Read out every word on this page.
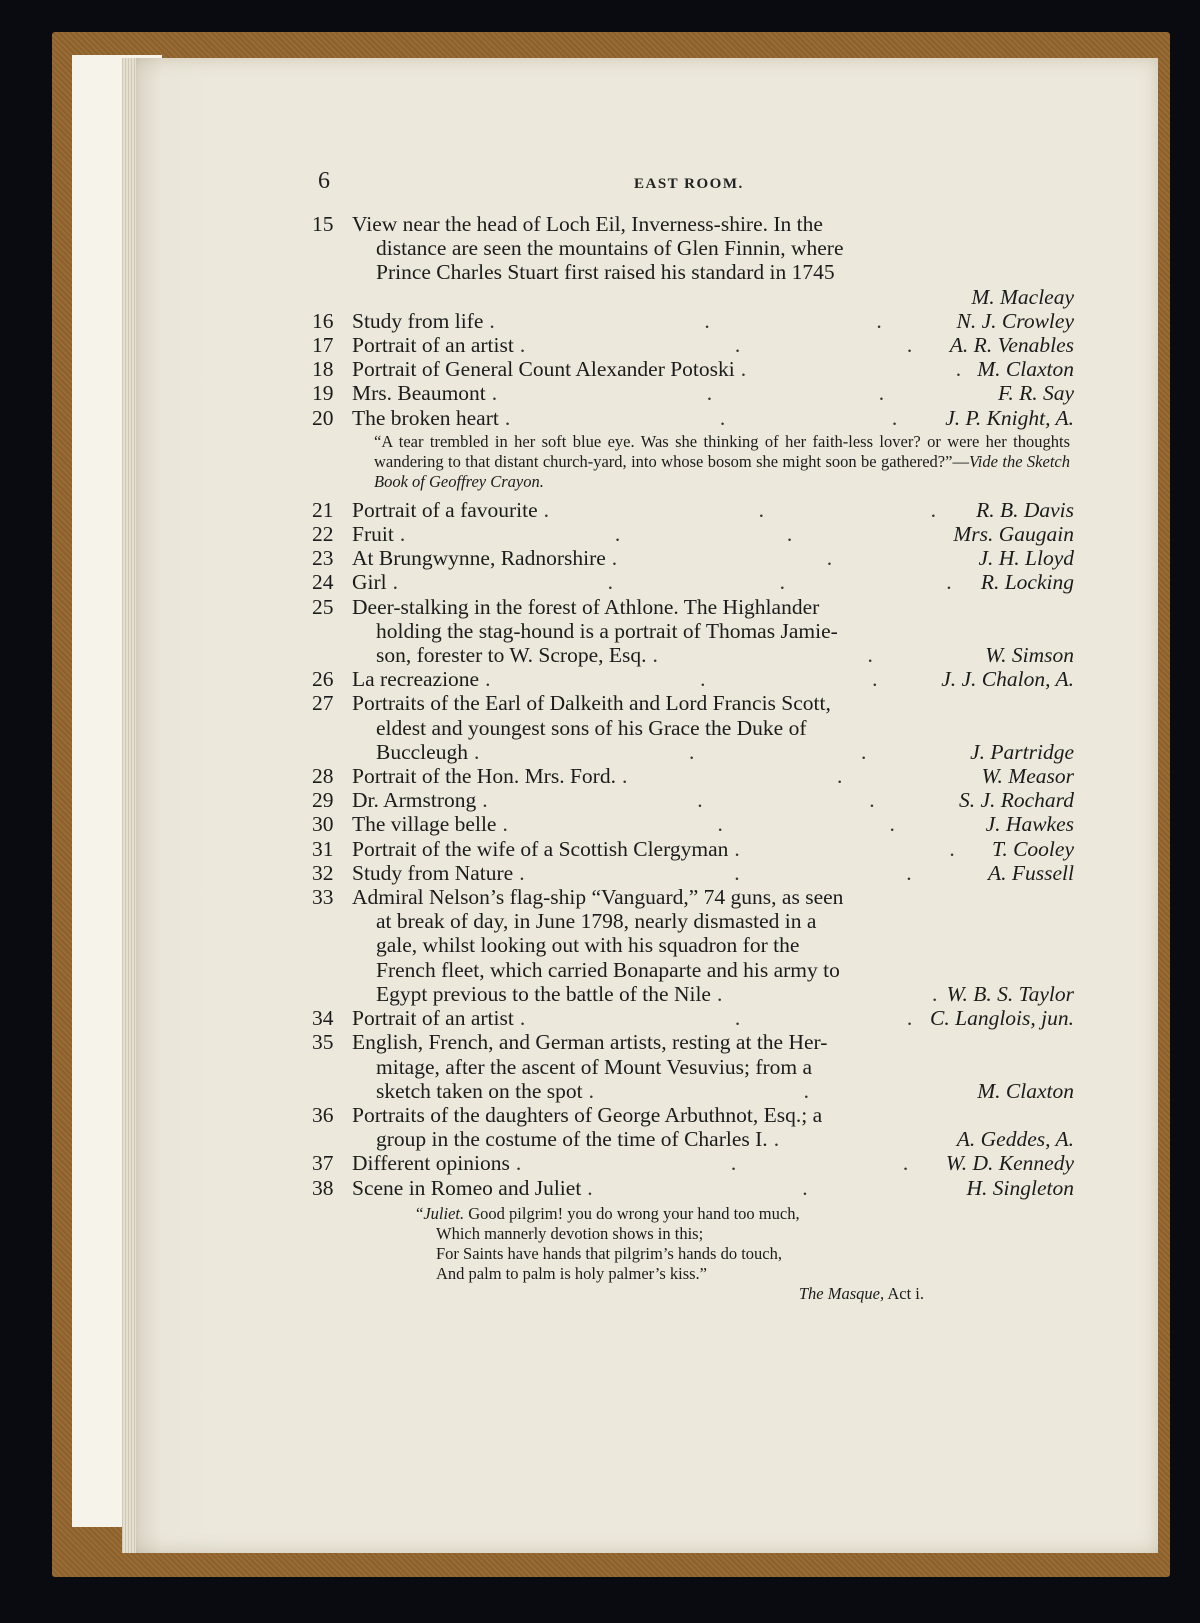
6	EAST ROOM.
15 View near the head of Loch Eil, Inverness-shire. In the
distance are seen the mountains of Glen Finnin, where
Prince Charles Stuart first raised his standard in 1745
M. Macleay
16 Study from life .	N. J. Crowley
17 Portrait of an artist .	A. R. Venables
18 Portrait of General Count Alexander Potoski .	M. Claxton
19 Mrs. Beaumont .	F. R. Say
20 The broken heart .	J. P. Knight, A.
“A tear trembled in her soft blue eye. Was she thinking of her faith-less lover? or were her thoughts wandering to that distant church-yard, into whose bosom she might soon be gathered?”—Vide the Sketch Book of Geoffrey Crayon.
21 Portrait of a favourite .	R. B. Davis
22 Fruit .	Mrs. Gaugain
23 At Brungwynne, Radnorshire .	J. H. Lloyd
24 Girl .	R. Locking
25 Deer-stalking in the forest of Athlone. The Highlander
holding the stag-hound is a portrait of Thomas Jamie-
son, forester to W. Scrope, Esq. .	W. Simson
26 La recreazione .	J. J. Chalon, A.
27 Portraits of the Earl of Dalkeith and Lord Francis Scott,
eldest and youngest sons of his Grace the Duke of
Buccleugh .	J. Partridge
28 Portrait of the Hon. Mrs. Ford. .	W. Measor
29 Dr. Armstrong .	S. J. Rochard
30 The village belle .	J. Hawkes
31 Portrait of the wife of a Scottish Clergyman .	T. Cooley
32 Study from Nature .	A. Fussell
33 Admiral Nelson’s flag-ship “Vanguard,” 74 guns, as seen
at break of day, in June 1798, nearly dismasted in a
gale, whilst looking out with his squadron for the
French fleet, which carried Bonaparte and his army to
Egypt previous to the battle of the Nile .	W. B. S. Taylor
34 Portrait of an artist .	C. Langlois, jun.
35 English, French, and German artists, resting at the Her-
mitage, after the ascent of Mount Vesuvius; from a
sketch taken on the spot .	M. Claxton
36 Portraits of the daughters of George Arbuthnot, Esq.; a
group in the costume of the time of Charles I. .	A. Geddes, A.
37 Different opinions .	W. D. Kennedy
38 Scene in Romeo and Juliet .	H. Singleton
“Juliet. Good pilgrim! you do wrong your hand too much,
Which mannerly devotion shows in this;
For Saints have hands that pilgrim’s hands do touch,
And palm to palm is holy palmer’s kiss.”
The Masque, Act i.
